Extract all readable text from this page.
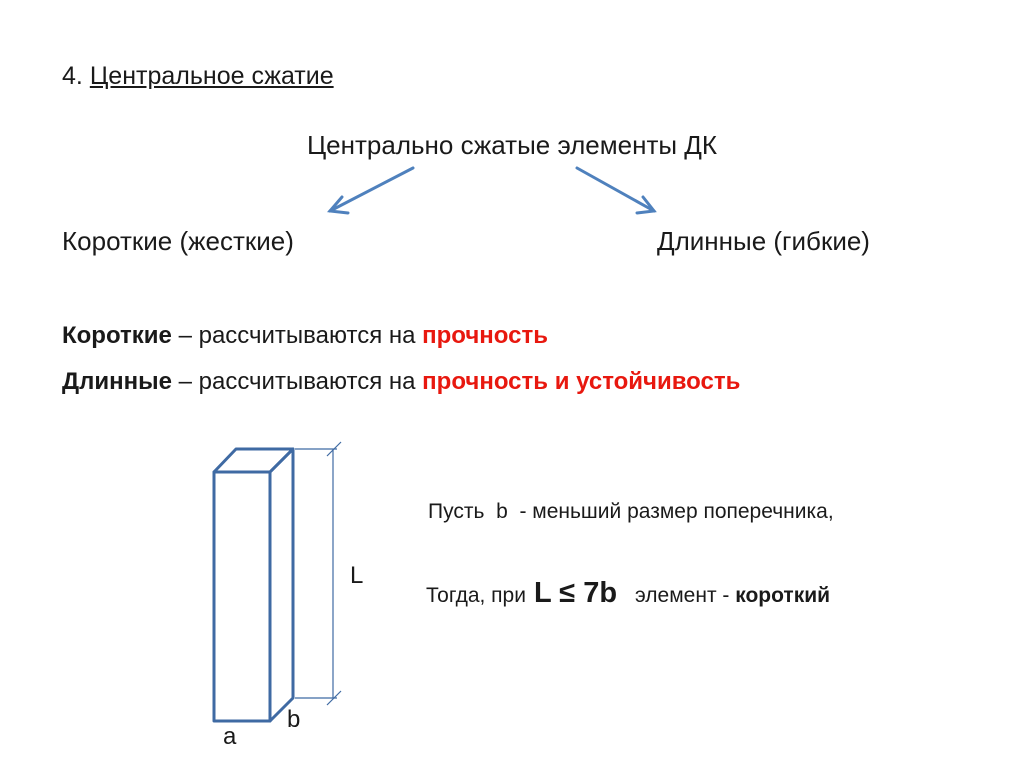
4. Центральное сжатие
Центрально сжатые элементы ДК
Короткие (жесткие)	Длинные (гибкие)
Короткие – рассчитываются на прочность
Длинные – рассчитываются на прочность и устойчивость
L
a
b
Пусть b - меньший размер поперечника,
Тогда, при L ≤ 7b элемент - короткий
